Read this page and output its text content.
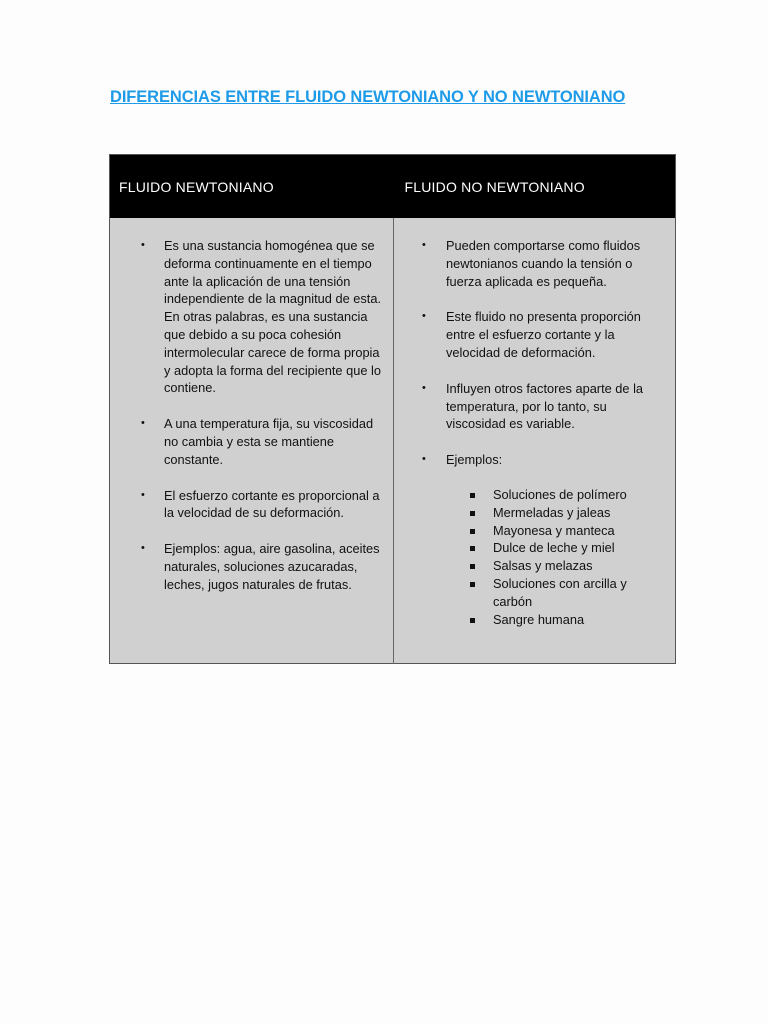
DIFERENCIAS ENTRE FLUIDO NEWTONIANO Y NO NEWTONIANO
FLUIDO NEWTONIANO	FLUIDO NO NEWTONIANO
• Es una sustancia homogénea que se deforma continuamente en el tiempo ante la aplicación de una tensión independiente de la magnitud de esta. En otras palabras, es una sustancia que debido a su poca cohesión intermolecular carece de forma propia y adopta la forma del recipiente que lo contiene.
• A una temperatura fija, su viscosidad no cambia y esta se mantiene constante.
• El esfuerzo cortante es proporcional a la velocidad de su deformación.
• Ejemplos: agua, aire gasolina, aceites naturales, soluciones azucaradas, leches, jugos naturales de frutas.
• Pueden comportarse como fluidos newtonianos cuando la tensión o fuerza aplicada es pequeña.
• Este fluido no presenta proporción entre el esfuerzo cortante y la velocidad de deformación.
• Influyen otros factores aparte de la temperatura, por lo tanto, su viscosidad es variable.
• Ejemplos:
Soluciones de polímero
Mermeladas y jaleas
Mayonesa y manteca
Dulce de leche y miel
Salsas y melazas
Soluciones con arcilla y carbón
Sangre humana
